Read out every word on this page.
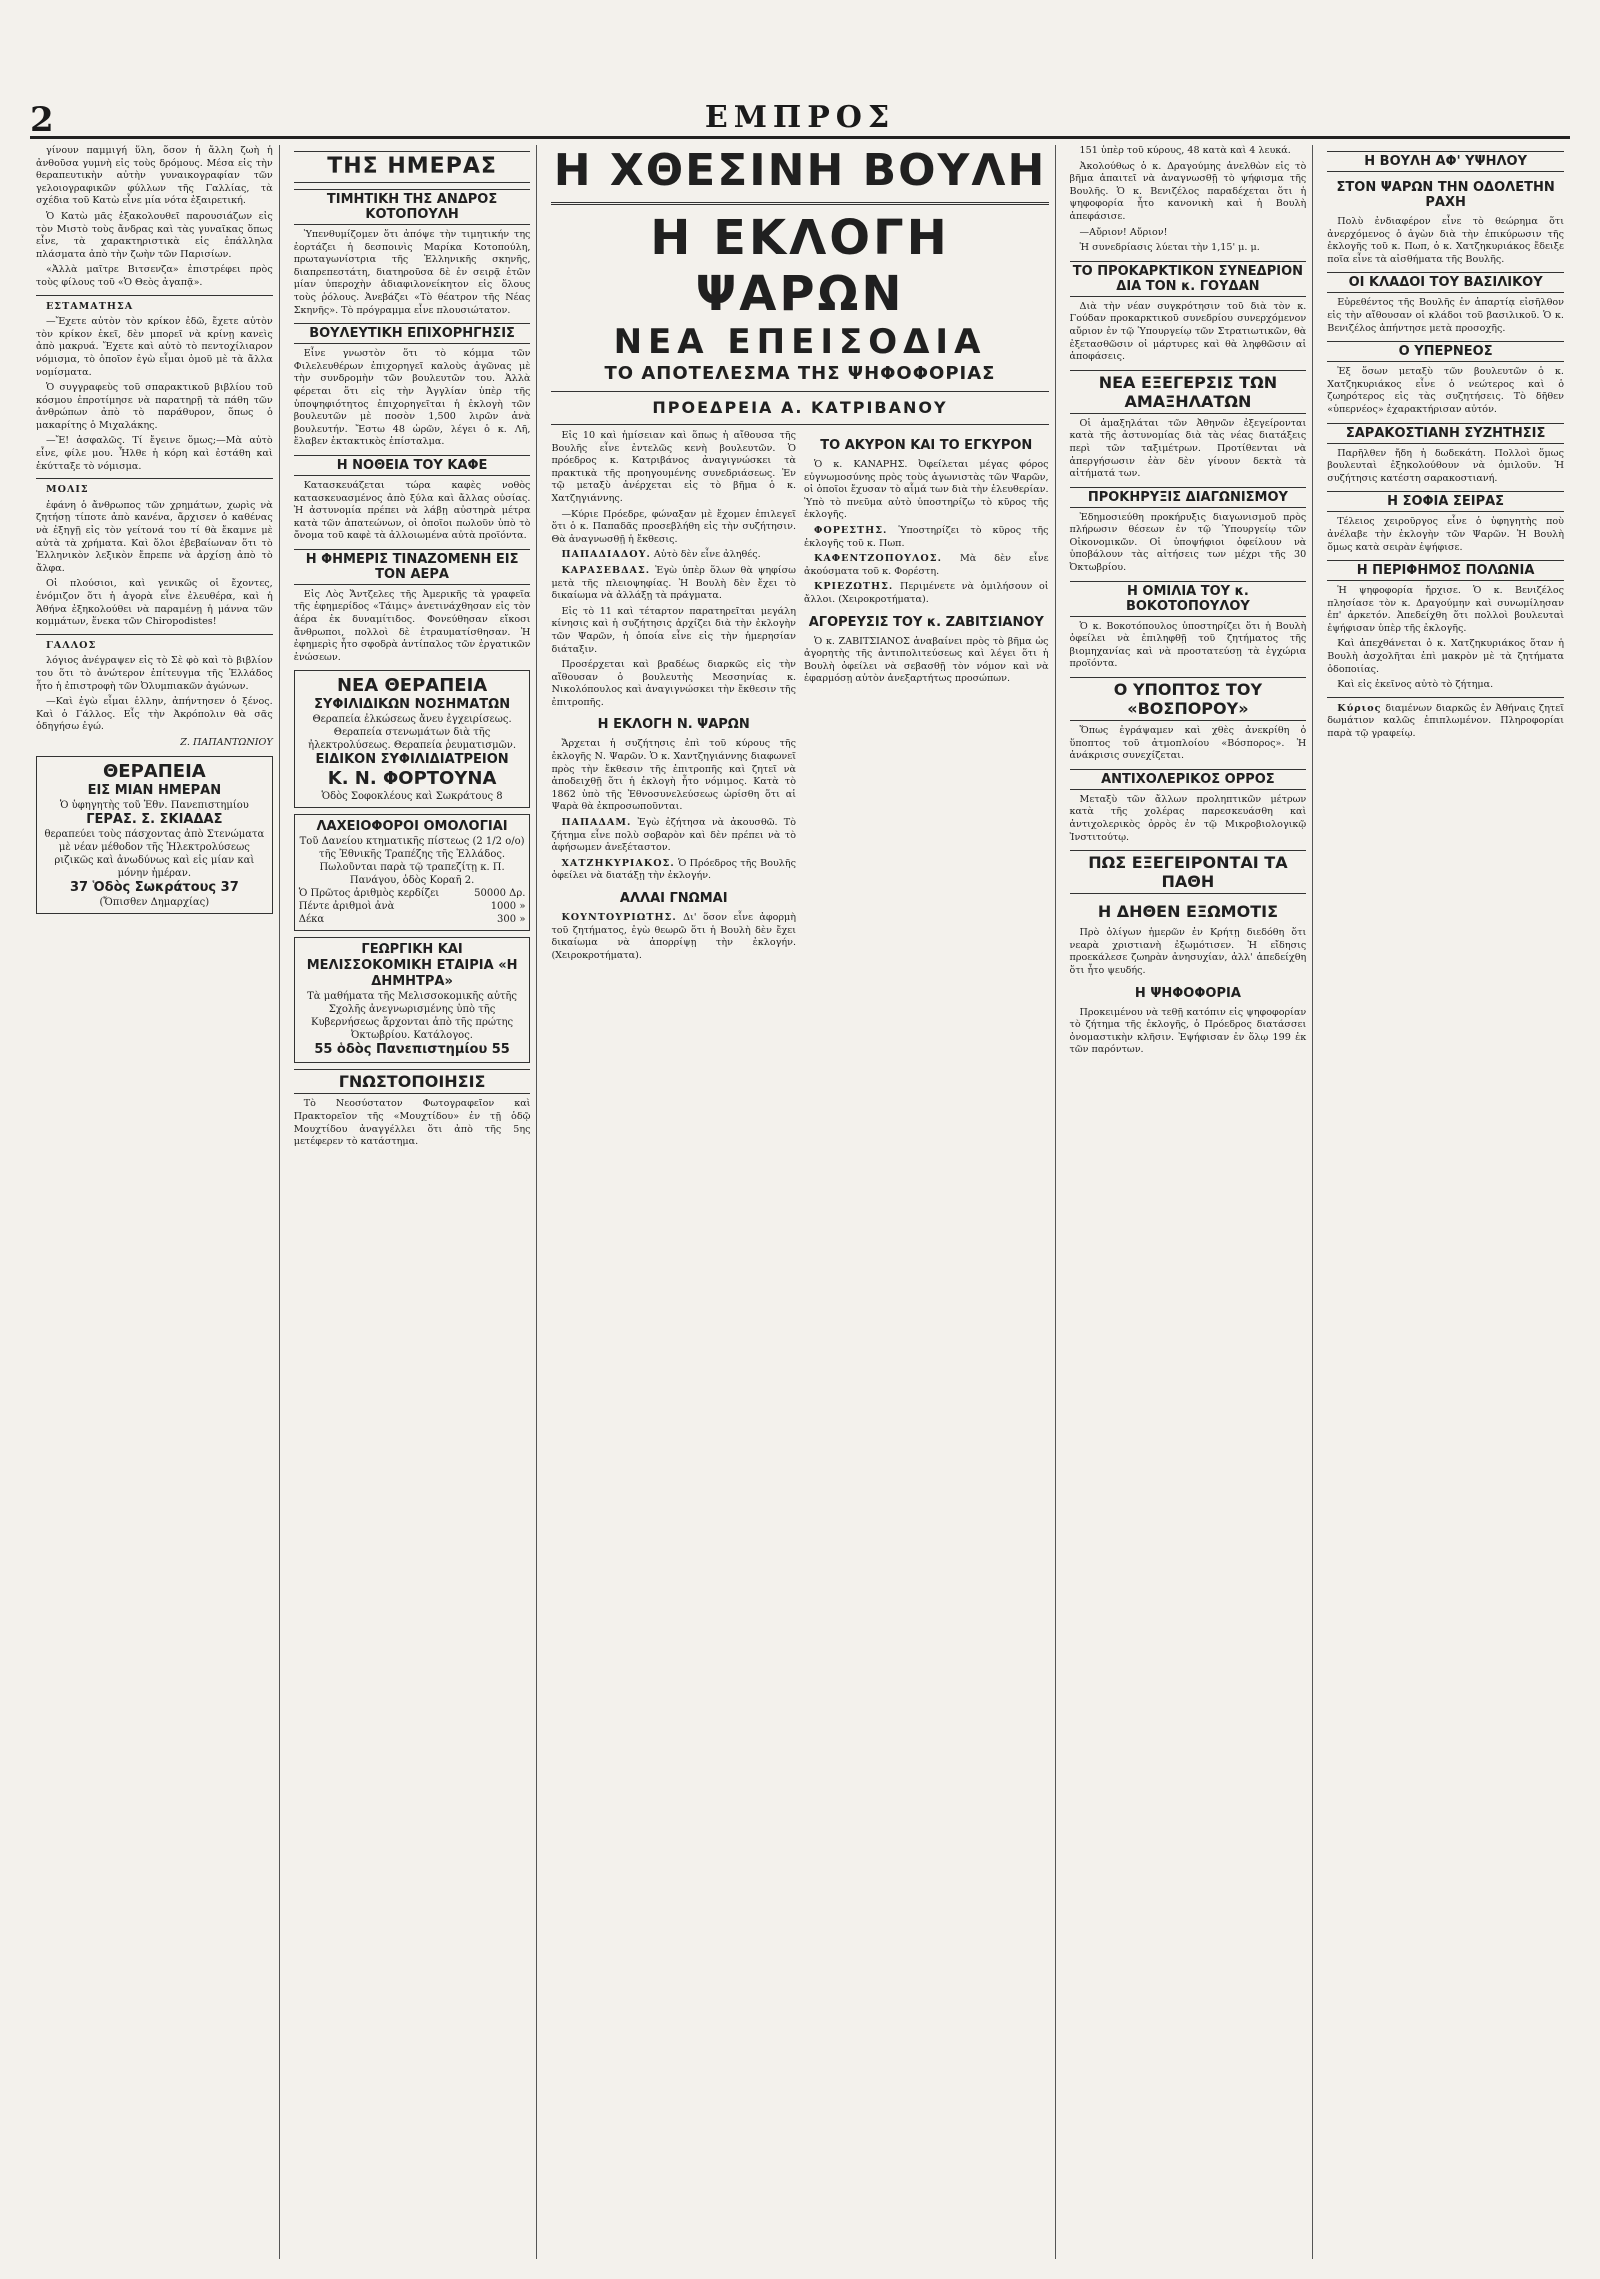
2	ΕΜΠΡΟΣ

γίνουν παμμιγή ὕλη, ὅσον ἡ ἄλλη ζωὴ ἡ ἀνθοῦσα γυμνὴ εἰς τοὺς δρόμους. Μέσα εἰς τὴν θεραπευτικὴν αὐτὴν γυναικογραφίαν τῶν γελοιογραφικῶν φύλλων τῆς Γαλλίας, τὰ σχέδια τοῦ Κατὼ εἶνε μία νότα ἐξαιρετική.

Ὁ Κατὼ μᾶς ἐξακολουθεῖ παρουσιάζων εἰς τὸν Μιστὸ τοὺς ἄνδρας καὶ τὰς γυναῖκας ὅπως εἶνε, τὰ χαρακτηριστικὰ εἰς ἐπάλληλα πλάσματα ἀπὸ τὴν ζωὴν τῶν Παρισίων.

«Ἀλλὰ μαῖτρε Βιτσενζα» ἐπιστρέφει πρὸς τοὺς φίλους τοῦ «Ὁ Θεὸς ἀγαπᾷ».

ΕΣΤΑΜΑΤΗΣΑ

—Ἔχετε αὐτὸν τὸν κρίκον ἐδῶ, ἔχετε αὐτὸν τὸν κρίκον ἐκεῖ, δὲν μπορεῖ νὰ κρίνῃ κανεὶς ἀπὸ μακρυά. Ἔχετε καὶ αὐτὸ τὸ πεντοχίλιαρον νόμισμα, τὸ ὁποῖον ἐγὼ εἶμαι ὁμοῦ μὲ τὰ ἄλλα νομίσματα.

Ὁ συγγραφεὺς τοῦ σπαρακτικοῦ βιβλίου τοῦ κόσμου ἐπροτίμησε νὰ παρατηρῇ τὰ πάθη τῶν ἀνθρώπων ἀπὸ τὸ παράθυρον, ὅπως ὁ μακαρίτης ὁ Μιχαλάκης.

—Ἔ! ἀσφαλῶς. Τί ἔγεινε ὅμως;—Μὰ αὐτὸ εἶνε, φίλε μου. Ἦλθε ἡ κόρη καὶ ἐστάθη καὶ ἐκύτταξε τὸ νόμισμα.

ΜΟΛΙΣ

ἐφάνη ὁ ἄνθρωπος τῶν χρημάτων, χωρὶς νὰ ζητήσῃ τίποτε ἀπὸ κανένα, ἄρχισεν ὁ καθένας νὰ ἐξηγῇ εἰς τὸν γείτονά του τί θὰ ἔκαμνε μὲ αὐτὰ τὰ χρήματα. Καὶ ὅλοι ἐβεβαίωναν ὅτι τὸ Ἑλληνικὸν λεξικὸν ἔπρεπε νὰ ἀρχίσῃ ἀπὸ τὸ ἄλφα.

Οἱ πλούσιοι, καὶ γενικῶς οἱ ἔχοντες, ἐνόμιζον ὅτι ἡ ἀγορὰ εἶνε ἐλευθέρα, καὶ ἡ Ἀθήνα ἐξηκολούθει νὰ παραμένῃ ἡ μάννα τῶν κομμάτων, ἕνεκα τῶν Chiropodistes!

ΓΑΛΛΟΣ

λόγιος ἀνέγραψεν εἰς τὸ Σὲ φὸ καὶ τὸ βιβλίον του ὅτι τὸ ἀνώτερον ἐπίτευγμα τῆς Ἑλλάδος ἦτο ἡ ἐπιστροφὴ τῶν Ὀλυμπιακῶν ἀγώνων.

—Καὶ ἐγὼ εἶμαι ἑλλην, ἀπήντησεν ὁ ξένος. Καὶ ὁ Γάλλος. Εἶς τὴν Ἀκρόπολιν θὰ σᾶς ὁδηγήσω ἐγώ.

Ζ. ΠΑΠΑΝΤΩΝΙΟΥ
ΘΕΡΑΠΕΙΑ
ΕΙΣ ΜΙΑΝ ΗΜΕΡΑΝ
Ὁ ὑφηγητὴς τοῦ Ἐθν. Πανεπιστημίου
ΓΕΡΑΣ. Σ. ΣΚΙΑΔΑΣ
θεραπεύει τοὺς πάσχοντας ἀπὸ Στενώματα μὲ νέαν μέθοδον τῆς Ἠλεκτρολύσεως ριζικῶς καὶ ἀνωδύνως καὶ εἰς μίαν καὶ μόνην ἡμέραν.
37 Ὁδὸς Σωκράτους 37
(Ὄπισθεν Δημαρχίας)
ΤΗΣ ΗΜΕΡΑΣ
ΤΙΜΗΤΙΚΗ ΤΗΣ ΑΝΔΡΟΣ ΚΟΤΟΠΟΥΛΗ

Ὑπενθυμίζομεν ὅτι ἀπόψε τὴν τιμητικήν της ἑορτάζει ἡ δεσποινὶς Μαρίκα Κοτοπούλη, πρωταγωνίστρια τῆς Ἑλληνικῆς σκηνῆς, διαπρεπεστάτη, διατηροῦσα δὲ ἐν σειρᾷ ἐτῶν μίαν ὑπεροχὴν ἀδιαφιλονείκητον εἰς ὅλους τοὺς ῥόλους. Ἀνεβάζει «Τὸ θέατρον τῆς Νέας Σκηνῆς». Τὸ πρόγραμμα εἶνε πλουσιώτατον.

ΒΟΥΛΕΥΤΙΚΗ ΕΠΙΧΟΡΗΓΗΣΙΣ

Εἶνε γνωστὸν ὅτι τὸ κόμμα τῶν Φιλελευθέρων ἐπιχορηγεῖ καλοὺς ἀγῶνας μὲ τὴν συνδρομὴν τῶν βουλευτῶν του. Ἀλλὰ φέρεται ὅτι εἰς τὴν Ἀγγλίαν ὑπὲρ τῆς ὑποψηφιότητος ἐπιχορηγεῖται ἡ ἐκλογὴ τῶν βουλευτῶν μὲ ποσὸν 1,500 λιρῶν ἀνὰ βουλευτήν. Ἔστω 48 ὡρῶν, λέγει ὁ κ. Λῆ, ἔλαβεν ἑκτακτικὸς ἑπίσταλμα.

Η ΝΟΘΕΙΑ ΤΟΥ ΚΑΦΕ

Κατασκευάζεται τώρα καφὲς νοθὸς κατασκευασμένος ἀπὸ ξύλα καὶ ἄλλας οὐσίας. Ἡ ἀστυνομία πρέπει νὰ λάβῃ αὐστηρὰ μέτρα κατὰ τῶν ἀπατεώνων, οἱ ὁποῖοι πωλοῦν ὑπὸ τὸ ὄνομα τοῦ καφὲ τὰ ἀλλοιωμένα αὐτὰ προϊόντα.

Η ΦΗΜΕΡΙΣ ΤΙΝΑΖΟΜΕΝΗ ΕΙΣ ΤΟΝ ΑΕΡΑ

Εἰς Λὸς Ἄντζελες τῆς Ἀμερικῆς τὰ γραφεῖα τῆς ἐφημερίδος «Τάιμς» ἀνετινάχθησαν εἰς τὸν ἀέρα ἐκ δυναμίτιδος. Φονεύθησαν εἴκοσι ἄνθρωποι, πολλοὶ δὲ ἐτραυματίσθησαν. Ἡ ἐφημερὶς ἦτο σφοδρὰ ἀντίπαλος τῶν ἐργατικῶν ἑνώσεων.

ΝΕΑ ΘΕΡΑΠΕΙΑ
ΣΥΦΙΛΙΔΙΚΩΝ ΝΟΣΗΜΑΤΩΝ
Θεραπεία ἐλκώσεως ἄνευ ἐγχειρίσεως. Θεραπεία στενωμάτων διὰ τῆς ἠλεκτρολύσεως. Θεραπεία ῥευματισμῶν.
ΕΙΔΙΚΟΝ ΣΥΦΙΛΙΔΙΑΤΡΕΙΟΝ
Κ. Ν. ΦΟΡΤΟΥΝΑ
Ὁδὸς Σοφοκλέους καὶ Σωκράτους 8
ΛΑΧΕΙΟΦΟΡΟΙ ΟΜΟΛΟΓΙΑΙ
Τοῦ Δανείου κτηματικῆς πίστεως (2 1/2 ο/ο) τῆς Ἐθνικῆς Τραπέζης τῆς Ἑλλάδος. Πωλοῦνται παρὰ τῷ τραπεζίτῃ κ. Π. Πανάγου, ὁδὸς Κοραῆ 2.
Ὁ Πρῶτος ἀριθμὸς κερδίζει	50000 Δρ.
Πέντε ἀριθμοὶ ἀνὰ	1000 »
Δέκα	300 »
ΓΕΩΡΓΙΚΗ ΚΑΙ ΜΕΛΙΣΣΟΚΟΜΙΚΗ ΕΤΑΙΡΙΑ «Η ΔΗΜΗΤΡΑ»
Τὰ μαθήματα τῆς Μελισσοκομικῆς αὐτῆς Σχολῆς ἀνεγνωρισμένης ὑπὸ τῆς Κυβερνήσεως ἄρχονται ἀπὸ τῆς πρώτης Ὀκτωβρίου. Κατάλογος.
55 ὁδὸς Πανεπιστημίου 55
ΓΝΩΣΤΟΠΟΙΗΣΙΣ

Τὸ Νεοσύστατον Φωτογραφεῖον καὶ Πρακτορεῖον τῆς «Μουχτίδου» ἐν τῇ ὁδῷ Μουχτίδου ἀναγγέλλει ὅτι ἀπὸ τῆς 5ης μετέφερεν τὸ κατάστημα.

Η ΧΘΕΣΙΝΗ ΒΟΥΛΗ
Η ΕΚΛΟΓΗ ΨΑΡΩΝ
ΝΕΑ ΕΠΕΙΣΟΔΙΑ
ΤΟ ΑΠΟΤΕΛΕΣΜΑ ΤΗΣ ΨΗΦΟΦΟΡΙΑΣ
ΠΡΟΕΔΡΕΙΑ Α. ΚΑΤΡΙΒΑΝΟΥ

Εἰς 10 καὶ ἡμίσειαν καὶ ὅπως ἡ αἴθουσα τῆς Βουλῆς εἶνε ἐντελῶς κενὴ βουλευτῶν. Ὁ πρόεδρος κ. Κατριβάνος ἀναγιγνώσκει τὰ πρακτικὰ τῆς προηγουμένης συνεδριάσεως. Ἐν τῷ μεταξὺ ἀνέρχεται εἰς τὸ βῆμα ὁ κ. Χατζηγιάννης.

—Κύριε Πρόεδρε, φώναξαν μὲ ἔχομεν ἐπιλεγεῖ ὅτι ὁ κ. Παπαδᾶς προσεβλήθη εἰς τὴν συζήτησιν. Θὰ ἀναγνωσθῇ ἡ ἔκθεσις.

ΠΑΠΑΔΙΑΔΟΥ. Αὐτὸ δὲν εἶνε ἀληθές.

ΚΑΡΑΣΕΒΔΑΣ. Ἐγὼ ὑπὲρ ὅλων θὰ ψηφίσω μετὰ τῆς πλειοψηφίας. Ἡ Βουλὴ δὲν ἔχει τὸ δικαίωμα νὰ ἀλλάξῃ τὰ πράγματα.

Εἰς τὸ 11 καὶ τέταρτον παρατηρεῖται μεγάλη κίνησις καὶ ἡ συζήτησις ἀρχίζει διὰ τὴν ἐκλογὴν τῶν Ψαρῶν, ἡ ὁποία εἶνε εἰς τὴν ἡμερησίαν διάταξιν.

Προσέρχεται καὶ βραδέως διαρκῶς εἰς τὴν αἴθουσαν ὁ βουλευτὴς Μεσσηνίας κ. Νικολόπουλος καὶ ἀναγιγνώσκει τὴν ἔκθεσιν τῆς ἐπιτροπῆς.

Η ΕΚΛΟΓΗ Ν. ΨΑΡΩΝ

Ἄρχεται ἡ συζήτησις ἐπὶ τοῦ κύρους τῆς ἐκλογῆς Ν. Ψαρῶν. Ὁ κ. Χαντζηγιάννης διαφωνεῖ πρὸς τὴν ἔκθεσιν τῆς ἐπιτροπῆς καὶ ζητεῖ νὰ ἀποδειχθῇ ὅτι ἡ ἐκλογὴ ἦτο νόμιμος. Κατὰ τὸ 1862 ὑπὸ τῆς Ἐθνοσυνελεύσεως ὡρίσθη ὅτι αἱ Ψαρὰ θὰ ἐκπροσωποῦνται.

ΠΑΠΑΔΑΜ. Ἐγὼ ἐζήτησα νὰ ἀκουσθῶ. Τὸ ζήτημα εἶνε πολὺ σοβαρὸν καὶ δὲν πρέπει νὰ τὸ ἀφήσωμεν ἀνεξέταστον.

ΧΑΤΖΗΚΥΡΙΑΚΟΣ. Ὁ Πρόεδρος τῆς Βουλῆς ὀφείλει νὰ διατάξῃ τὴν ἐκλογήν.

ΑΛΛΑΙ ΓΝΩΜΑΙ

ΚΟΥΝΤΟΥΡΙΩΤΗΣ. Δι' ὅσον εἶνε ἀφορμὴ τοῦ ζητήματος, ἐγὼ θεωρῶ ὅτι ἡ Βουλὴ δὲν ἔχει δικαίωμα νὰ ἀπορρίψῃ τὴν ἐκλογήν. (Χειροκροτήματα).

ΤΟ ΑΚΥΡΟΝ ΚΑΙ ΤΟ ΕΓΚΥΡΟΝ

Ὁ κ. ΚΑΝΑΡΗΣ. Ὀφείλεται μέγας φόρος εὐγνωμοσύνης πρὸς τοὺς ἀγωνιστὰς τῶν Ψαρῶν, οἱ ὁποῖοι ἔχυσαν τὸ αἷμά των διὰ τὴν ἐλευθερίαν. Ὑπὸ τὸ πνεῦμα αὐτὸ ὑποστηρίζω τὸ κῦρος τῆς ἐκλογῆς.

ΦΟΡΕΣΤΗΣ. Ὑποστηρίζει τὸ κῦρος τῆς ἐκλογῆς τοῦ κ. Πωπ.

ΚΑΦΕΝΤΖΟΠΟΥΛΟΣ. Μὰ δὲν εἶνε ἀκούσματα τοῦ κ. Φορέστη.

ΚΡΙΕΖΩΤΗΣ. Περιμένετε νὰ ὁμιλήσουν οἱ ἄλλοι. (Χειροκροτήματα).

ΑΓΟΡΕΥΣΙΣ ΤΟΥ κ. ΖΑΒΙΤΣΙΑΝΟΥ

Ὁ κ. ΖΑΒΙΤΣΙΑΝΟΣ ἀναβαίνει πρὸς τὸ βῆμα ὡς ἀγορητὴς τῆς ἀντιπολιτεύσεως καὶ λέγει ὅτι ἡ Βουλὴ ὀφείλει νὰ σεβασθῇ τὸν νόμον καὶ νὰ ἐφαρμόσῃ αὐτὸν ἀνεξαρτήτως προσώπων.

151 ὑπὲρ τοῦ κύρους, 48 κατὰ καὶ 4 λευκά.

Ἀκολούθως ὁ κ. Δραγούμης ἀνελθὼν εἰς τὸ βῆμα ἀπαιτεῖ νὰ ἀναγνωσθῇ τὸ ψήφισμα τῆς Βουλῆς. Ὁ κ. Βενιζέλος παραδέχεται ὅτι ἡ ψηφοφορία ἦτο κανονικὴ καὶ ἡ Βουλὴ ἀπεφάσισε.

—Αὔριον! Αὔριον!

Ἡ συνεδρίασις λύεται τὴν 1,15' μ. μ.

ΤΟ ΠΡΟΚΑΡΚΤΙΚΟΝ ΣΥΝΕΔΡΙΟΝ ΔΙΑ ΤΟΝ κ. ΓΟΥΔΑΝ

Διὰ τὴν νέαν συγκρότησιν τοῦ διὰ τὸν κ. Γούδαν προκαρκτικοῦ συνεδρίου συνερχόμενον αὔριον ἐν τῷ Ὑπουργείῳ τῶν Στρατιωτικῶν, θὰ ἐξετασθῶσιν οἱ μάρτυρες καὶ θὰ ληφθῶσιν αἱ ἀποφάσεις.

ΝΕΑ ΕΞΕΓΕΡΣΙΣ ΤΩΝ ΑΜΑΞΗΛΑΤΩΝ

Οἱ ἁμαξηλάται τῶν Ἀθηνῶν ἐξεγείρονται κατὰ τῆς ἀστυνομίας διὰ τὰς νέας διατάξεις περὶ τῶν ταξιμέτρων. Προτίθενται νὰ ἀπεργήσωσιν ἐὰν δὲν γίνουν δεκτὰ τὰ αἰτήματά των.

ΠΡΟΚΗΡΥΞΙΣ ΔΙΑΓΩΝΙΣΜΟΥ

Ἐδημοσιεύθη προκήρυξις διαγωνισμοῦ πρὸς πλήρωσιν θέσεων ἐν τῷ Ὑπουργείῳ τῶν Οἰκονομικῶν. Οἱ ὑποψήφιοι ὀφείλουν νὰ ὑποβάλουν τὰς αἰτήσεις των μέχρι τῆς 30 Ὀκτωβρίου.

Η ΟΜΙΛΙΑ ΤΟΥ κ. ΒΟΚΟΤΟΠΟΥΛΟΥ

Ὁ κ. Βοκοτόπουλος ὑποστηρίζει ὅτι ἡ Βουλὴ ὀφείλει νὰ ἐπιληφθῇ τοῦ ζητήματος τῆς βιομηχανίας καὶ νὰ προστατεύσῃ τὰ ἐγχώρια προϊόντα.

Ο ΥΠΟΠΤΟΣ ΤΟΥ «ΒΟΣΠΟΡΟΥ»

Ὅπως ἐγράψαμεν καὶ χθὲς ἀνεκρίθη ὁ ὕποπτος τοῦ ἀτμοπλοίου «Βόσπορος». Ἡ ἀνάκρισις συνεχίζεται.

ΑΝΤΙΧΟΛΕΡΙΚΟΣ ΟΡΡΟΣ

Μεταξὺ τῶν ἄλλων προληπτικῶν μέτρων κατὰ τῆς χολέρας παρεσκευάσθη καὶ ἀντιχολερικὸς ὀρρὸς ἐν τῷ Μικροβιολογικῷ Ἰνστιτούτῳ.

ΠΩΣ ΕΞΕΓΕΙΡΟΝΤΑΙ ΤΑ ΠΑΘΗ
Η ΔΗΘΕΝ ΕΞΩΜΟΤΙΣ

Πρὸ ὀλίγων ἡμερῶν ἐν Κρήτῃ διεδόθη ὅτι νεαρὰ χριστιανὴ ἐξωμότισεν. Ἡ εἴδησις προεκάλεσε ζωηρὰν ἀνησυχίαν, ἀλλ' ἀπεδείχθη ὅτι ἦτο ψευδής.

Η ΨΗΦΟΦΟΡΙΑ

Προκειμένου νὰ τεθῇ κατόπιν εἰς ψηφοφορίαν τὸ ζήτημα τῆς ἐκλογῆς, ὁ Πρόεδρος διατάσσει ὀνομαστικὴν κλῆσιν. Ἐψήφισαν ἐν ὅλῳ 199 ἐκ τῶν παρόντων.

Η ΒΟΥΛΗ ΑΦ' ΥΨΗΛΟΥ
ΣΤΟΝ ΨΑΡΩΝ ΤΗΝ ΟΔΟΛΕΤΗΝ ΡΑΧΗ

Πολὺ ἐνδιαφέρον εἶνε τὸ θεώρημα ὅτι ἀνερχόμενος ὁ ἀγὼν διὰ τὴν ἐπικύρωσιν τῆς ἐκλογῆς τοῦ κ. Πωπ, ὁ κ. Χατζηκυριάκος ἔδειξε ποῖα εἶνε τὰ αἰσθήματα τῆς Βουλῆς.

ΟΙ ΚΛΑΔΟΙ ΤΟΥ ΒΑΣΙΛΙΚΟΥ

Εὐρεθέντος τῆς Βουλῆς ἐν ἀπαρτίᾳ εἰσῆλθον εἰς τὴν αἴθουσαν οἱ κλάδοι τοῦ βασιλικοῦ. Ὁ κ. Βενιζέλος ἀπήντησε μετὰ προσοχῆς.

Ο ΥΠΕΡΝΕΟΣ

Ἐξ ὅσων μεταξὺ τῶν βουλευτῶν ὁ κ. Χατζηκυριάκος εἶνε ὁ νεώτερος καὶ ὁ ζωηρότερος εἰς τὰς συζητήσεις. Τὸ δῆθεν «ὑπερνέος» ἐχαρακτήρισαν αὐτόν.

ΣΑΡΑΚΟΣΤΙΑΝΗ ΣΥΖΗΤΗΣΙΣ

Παρῆλθεν ἤδη ἡ δωδεκάτη. Πολλοὶ ὅμως βουλευταὶ ἐξηκολούθουν νὰ ὁμιλοῦν. Ἡ συζήτησις κατέστη σαρακοστιανή.

Η ΣΟΦΙΑ ΣΕΙΡΑΣ

Τέλειος χειροῦργος εἶνε ὁ ὑφηγητὴς ποὺ ἀνέλαβε τὴν ἐκλογὴν τῶν Ψαρῶν. Ἡ Βουλὴ ὅμως κατὰ σειρὰν ἐψήφισε.

Η ΠΕΡΙΦΗΜΟΣ ΠΟΛΩΝΙΑ

Ἡ ψηφοφορία ἤρχισε. Ὁ κ. Βενιζέλος πλησίασε τὸν κ. Δραγούμην καὶ συνωμίλησαν ἐπ' ἀρκετόν. Ἀπεδείχθη ὅτι πολλοὶ βουλευταὶ ἐψήφισαν ὑπὲρ τῆς ἐκλογῆς.

Καὶ ἀπεχθάνεται ὁ κ. Χατζηκυριάκος ὅταν ἡ Βουλὴ ἀσχολῆται ἐπὶ μακρὸν μὲ τὰ ζητήματα ὁδοποιίας.

Καὶ εἰς ἐκεῖνος αὐτὸ τὸ ζήτημα.

Κύριος διαμένων διαρκῶς ἐν Ἀθήναις ζητεῖ δωμάτιον καλῶς ἐπιπλωμένον. Πληροφορίαι παρὰ τῷ γραφείῳ.
